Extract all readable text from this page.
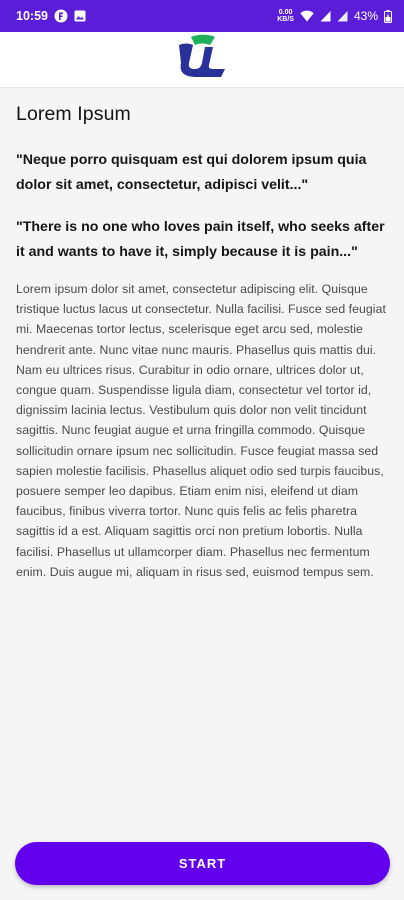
10:59	0.00
KB/S	43%
Lorem Ipsum

"Neque porro quisquam est qui dolorem ipsum quia dolor sit amet, consectetur, adipisci velit..."

"There is no one who loves pain itself, who seeks after it and wants to have it, simply because it is pain..."

Lorem ipsum dolor sit amet, consectetur adipiscing elit. Quisque tristique luctus lacus ut consectetur. Nulla facilisi. Fusce sed feugiat mi. Maecenas tortor lectus, scelerisque eget arcu sed, molestie hendrerit ante. Nunc vitae nunc mauris. Phasellus quis mattis dui. Nam eu ultrices risus. Curabitur in odio ornare, ultrices dolor ut, congue quam. Suspendisse ligula diam, consectetur vel tortor id, dignissim lacinia lectus. Vestibulum quis dolor non velit tincidunt sagittis. Nunc feugiat augue et urna fringilla commodo. Quisque sollicitudin ornare ipsum nec sollicitudin. Fusce feugiat massa sed sapien molestie facilisis. Phasellus aliquet odio sed turpis faucibus, posuere semper leo dapibus. Etiam enim nisi, eleifend ut diam faucibus, finibus viverra tortor. Nunc quis felis ac felis pharetra sagittis id a est. Aliquam sagittis orci non pretium lobortis. Nulla facilisi. Phasellus ut ullamcorper diam. Phasellus nec fermentum enim. Duis augue mi, aliquam in risus sed, euismod tempus sem.

START
